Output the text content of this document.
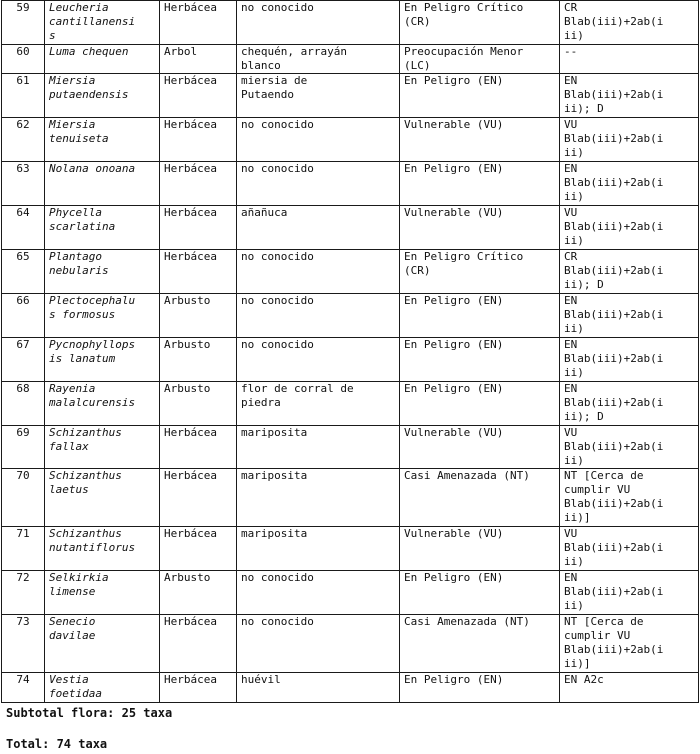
59	Leucheria
cantillanensi
s	Herbácea	no conocido	En Peligro Crítico
(CR)	CR
Blab(iii)+2ab(i
ii)
60	Luma chequen	Arbol	chequén, arrayán
blanco	Preocupación Menor
(LC)	--
61	Miersia
putaendensis	Herbácea	miersia de
Putaendo	En Peligro (EN)	EN
Blab(iii)+2ab(i
ii); D
62	Miersia
tenuiseta	Herbácea	no conocido	Vulnerable (VU)	VU
Blab(iii)+2ab(i
ii)
63	Nolana onoana	Herbácea	no conocido	En Peligro (EN)	EN
Blab(iii)+2ab(i
ii)
64	Phycella
scarlatina	Herbácea	añañuca	Vulnerable (VU)	VU
Blab(iii)+2ab(i
ii)
65	Plantago
nebularis	Herbácea	no conocido	En Peligro Crítico
(CR)	CR
Blab(iii)+2ab(i
ii); D
66	Plectocephalu
s formosus	Arbusto	no conocido	En Peligro (EN)	EN
Blab(iii)+2ab(i
ii)
67	Pycnophyllops
is lanatum	Arbusto	no conocido	En Peligro (EN)	EN
Blab(iii)+2ab(i
ii)
68	Rayenia
malalcurensis	Arbusto	flor de corral de
piedra	En Peligro (EN)	EN
Blab(iii)+2ab(i
ii); D
69	Schizanthus
fallax	Herbácea	mariposita	Vulnerable (VU)	VU
Blab(iii)+2ab(i
ii)
70	Schizanthus
laetus	Herbácea	mariposita	Casi Amenazada (NT)	NT [Cerca de
cumplir VU
Blab(iii)+2ab(i
ii)]
71	Schizanthus
nutantiflorus	Herbácea	mariposita	Vulnerable (VU)	VU
Blab(iii)+2ab(i
ii)
72	Selkirkia
limense	Arbusto	no conocido	En Peligro (EN)	EN
Blab(iii)+2ab(i
ii)
73	Senecio
davilae	Herbácea	no conocido	Casi Amenazada (NT)	NT [Cerca de
cumplir VU
Blab(iii)+2ab(i
ii)]
74	Vestia
foetidaa	Herbácea	huévil	En Peligro (EN)	EN A2c
Subtotal flora: 25 taxa
Total: 74 taxa
